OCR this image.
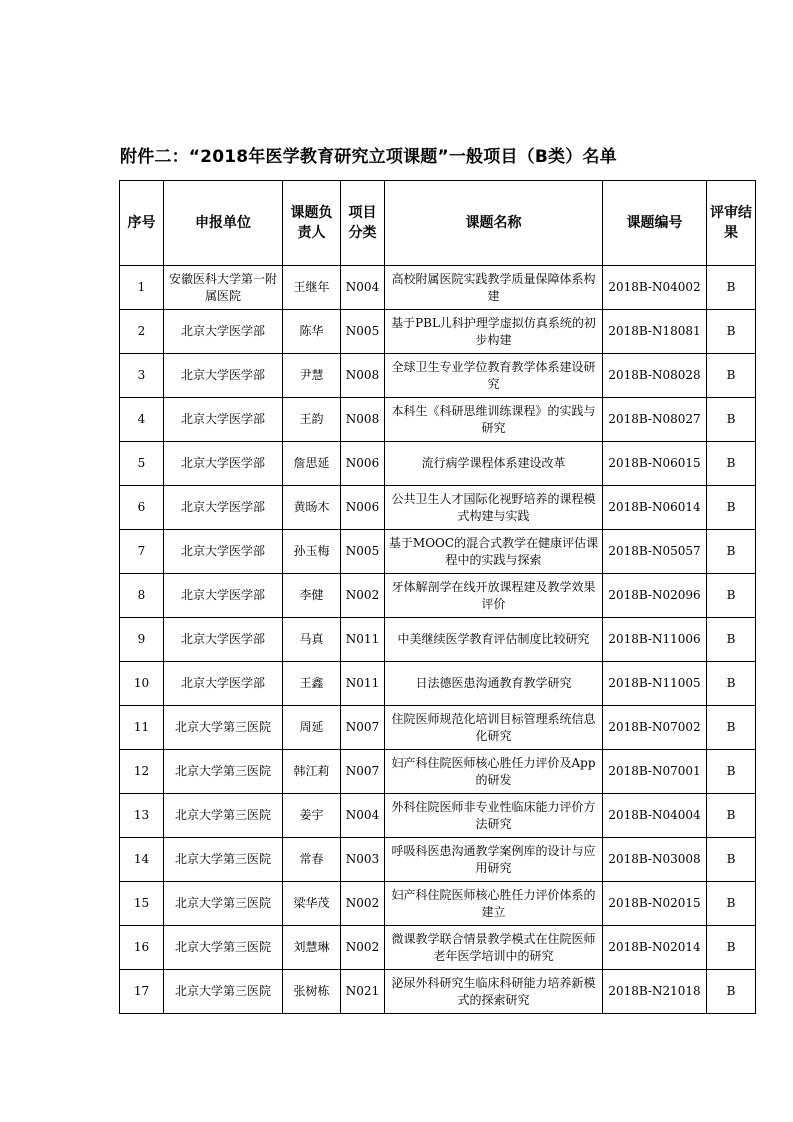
附件二：“2018年医学教育研究立项课题”一般项目（B类）名单
序号	申报单位	课题负责人	项目分类	课题名称	课题编号	评审结果
1	安徽医科大学第一附属医院	王继年	N004	高校附属医院实践教学质量保障体系构建	2018B-N04002	B
2	北京大学医学部	陈华	N005	基于PBL儿科护理学虚拟仿真系统的初步构建	2018B-N18081	B
3	北京大学医学部	尹慧	N008	全球卫生专业学位教育教学体系建设研究	2018B-N08028	B
4	北京大学医学部	王韵	N008	本科生《科研思维训练课程》的实践与研究	2018B-N08027	B
5	北京大学医学部	詹思延	N006	流行病学课程体系建设改革	2018B-N06015	B
6	北京大学医学部	黄旸木	N006	公共卫生人才国际化视野培养的课程模式构建与实践	2018B-N06014	B
7	北京大学医学部	孙玉梅	N005	基于MOOC的混合式教学在健康评估课程中的实践与探索	2018B-N05057	B
8	北京大学医学部	李健	N002	牙体解剖学在线开放课程建及教学效果评价	2018B-N02096	B
9	北京大学医学部	马真	N011	中美继续医学教育评估制度比较研究	2018B-N11006	B
10	北京大学医学部	王鑫	N011	日法德医患沟通教育教学研究	2018B-N11005	B
11	北京大学第三医院	周延	N007	住院医师规范化培训目标管理系统信息化研究	2018B-N07002	B
12	北京大学第三医院	韩江莉	N007	妇产科住院医师核心胜任力评价及App的研发	2018B-N07001	B
13	北京大学第三医院	姜宇	N004	外科住院医师非专业性临床能力评价方法研究	2018B-N04004	B
14	北京大学第三医院	常春	N003	呼吸科医患沟通教学案例库的设计与应用研究	2018B-N03008	B
15	北京大学第三医院	梁华茂	N002	妇产科住院医师核心胜任力评价体系的建立	2018B-N02015	B
16	北京大学第三医院	刘慧琳	N002	微课教学联合情景教学模式在住院医师老年医学培训中的研究	2018B-N02014	B
17	北京大学第三医院	张树栋	N021	泌尿外科研究生临床科研能力培养新模式的探索研究	2018B-N21018	B
